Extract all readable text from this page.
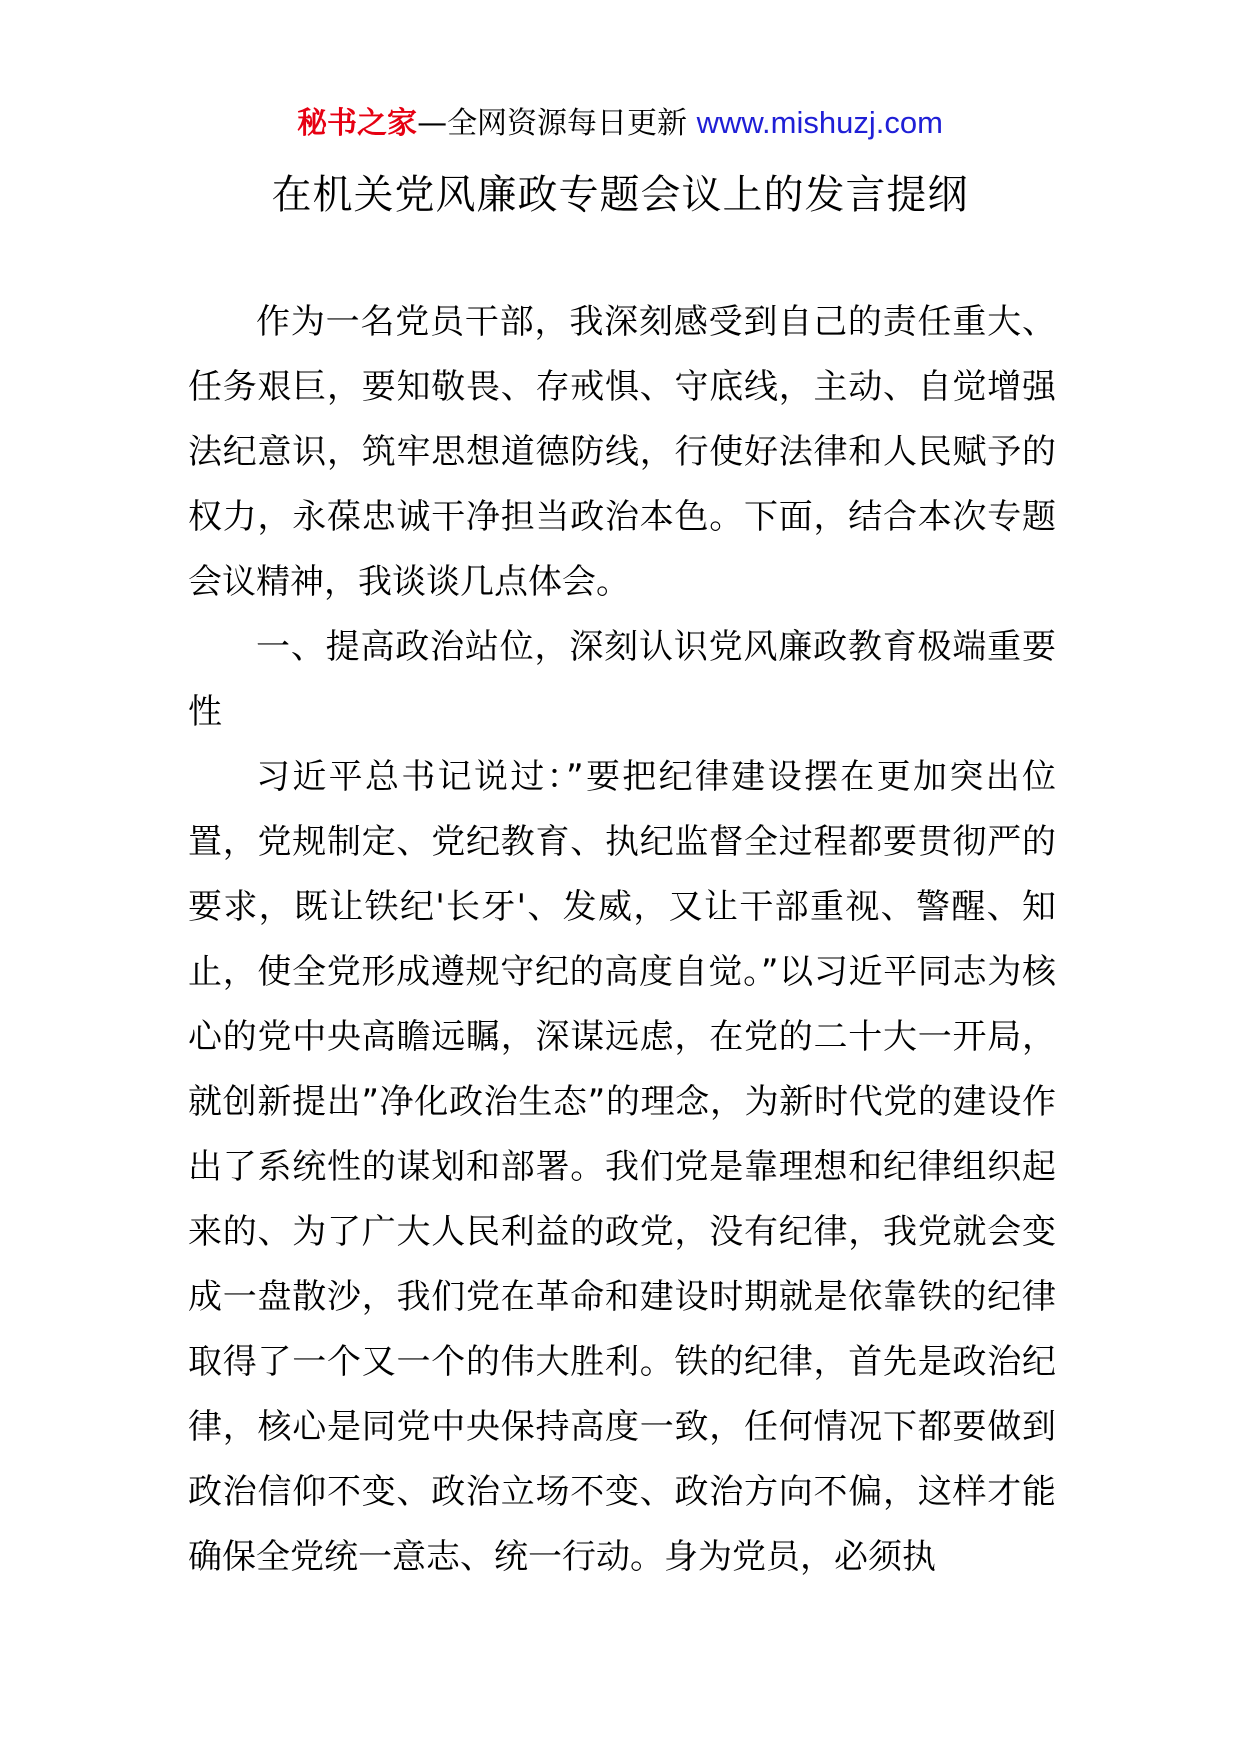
秘书之家—全网资源每日更新 www.mishuzj.com
在机关党风廉政专题会议上的发言提纲

作为一名党员干部，我深刻感受到自己的责任重大、任务艰巨，要知敬畏、存戒惧、守底线，主动、自觉增强法纪意识，筑牢思想道德防线，行使好法律和人民赋予的权力，永葆忠诚干净担当政治本色。下面，结合本次专题会议精神，我谈谈几点体会。

一、提高政治站位，深刻认识党风廉政教育极端重要性

习近平总书记说过：”要把纪律建设摆在更加突出位置，党规制定、党纪教育、执纪监督全过程都要贯彻严的要求，既让铁纪'长牙'、发威，又让干部重视、警醒、知止，使全党形成遵规守纪的高度自觉。”以习近平同志为核心的党中央高瞻远瞩，深谋远虑，在党的二十大一开局，就创新提出”净化政治生态”的理念，为新时代党的建设作出了系统性的谋划和部署。我们党是靠理想和纪律组织起来的、为了广大人民利益的政党，没有纪律，我党就会变成一盘散沙，我们党在革命和建设时期就是依靠铁的纪律取得了一个又一个的伟大胜利。铁的纪律，首先是政治纪律，核心是同党中央保持高度一致，任何情况下都要做到政治信仰不变、政治立场不变、政治方向不偏，这样才能确保全党统一意志、统一行动。身为党员，必须执
